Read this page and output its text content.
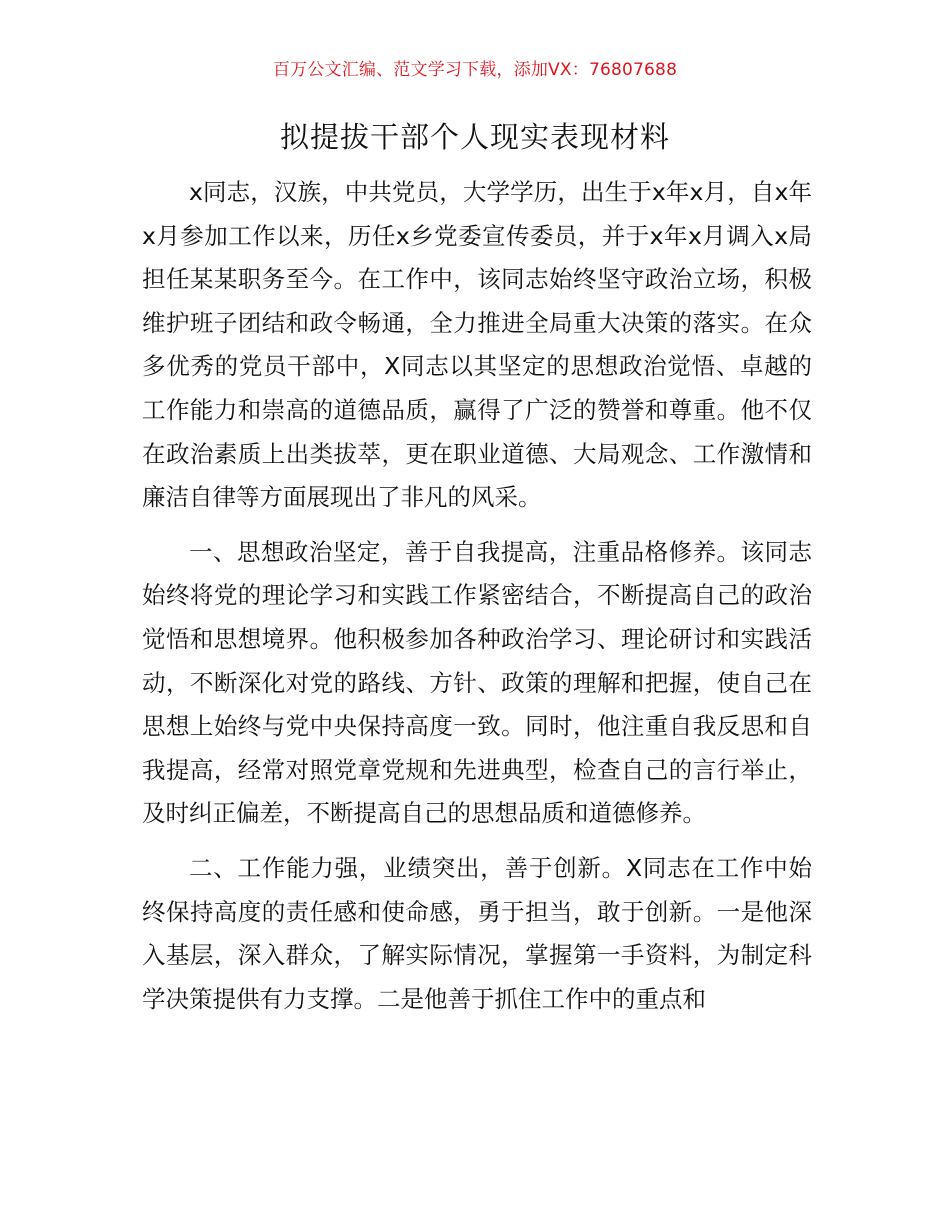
百万公文汇编、范文学习下载，添加VX：76807688
拟提拔干部个人现实表现材料

x同志，汉族，中共党员，大学学历，出生于x年x月，自x年x月参加工作以来，历任x乡党委宣传委员，并于x年x月调入x局担任某某职务至今。在工作中，该同志始终坚守政治立场，积极维护班子团结和政令畅通，全力推进全局重大决策的落实。在众多优秀的党员干部中，X同志以其坚定的思想政治觉悟、卓越的工作能力和崇高的道德品质，赢得了广泛的赞誉和尊重。他不仅在政治素质上出类拔萃，更在职业道德、大局观念、工作激情和廉洁自律等方面展现出了非凡的风采。

一、思想政治坚定，善于自我提高，注重品格修养。该同志始终将党的理论学习和实践工作紧密结合，不断提高自己的政治觉悟和思想境界。他积极参加各种政治学习、理论研讨和实践活动，不断深化对党的路线、方针、政策的理解和把握，使自己在思想上始终与党中央保持高度一致。同时，他注重自我反思和自我提高，经常对照党章党规和先进典型，检查自己的言行举止，及时纠正偏差，不断提高自己的思想品质和道德修养。

二、工作能力强，业绩突出，善于创新。X同志在工作中始终保持高度的责任感和使命感，勇于担当，敢于创新。一是他深入基层，深入群众，了解实际情况，掌握第一手资料，为制定科学决策提供有力支撑。二是他善于抓住工作中的重点和
